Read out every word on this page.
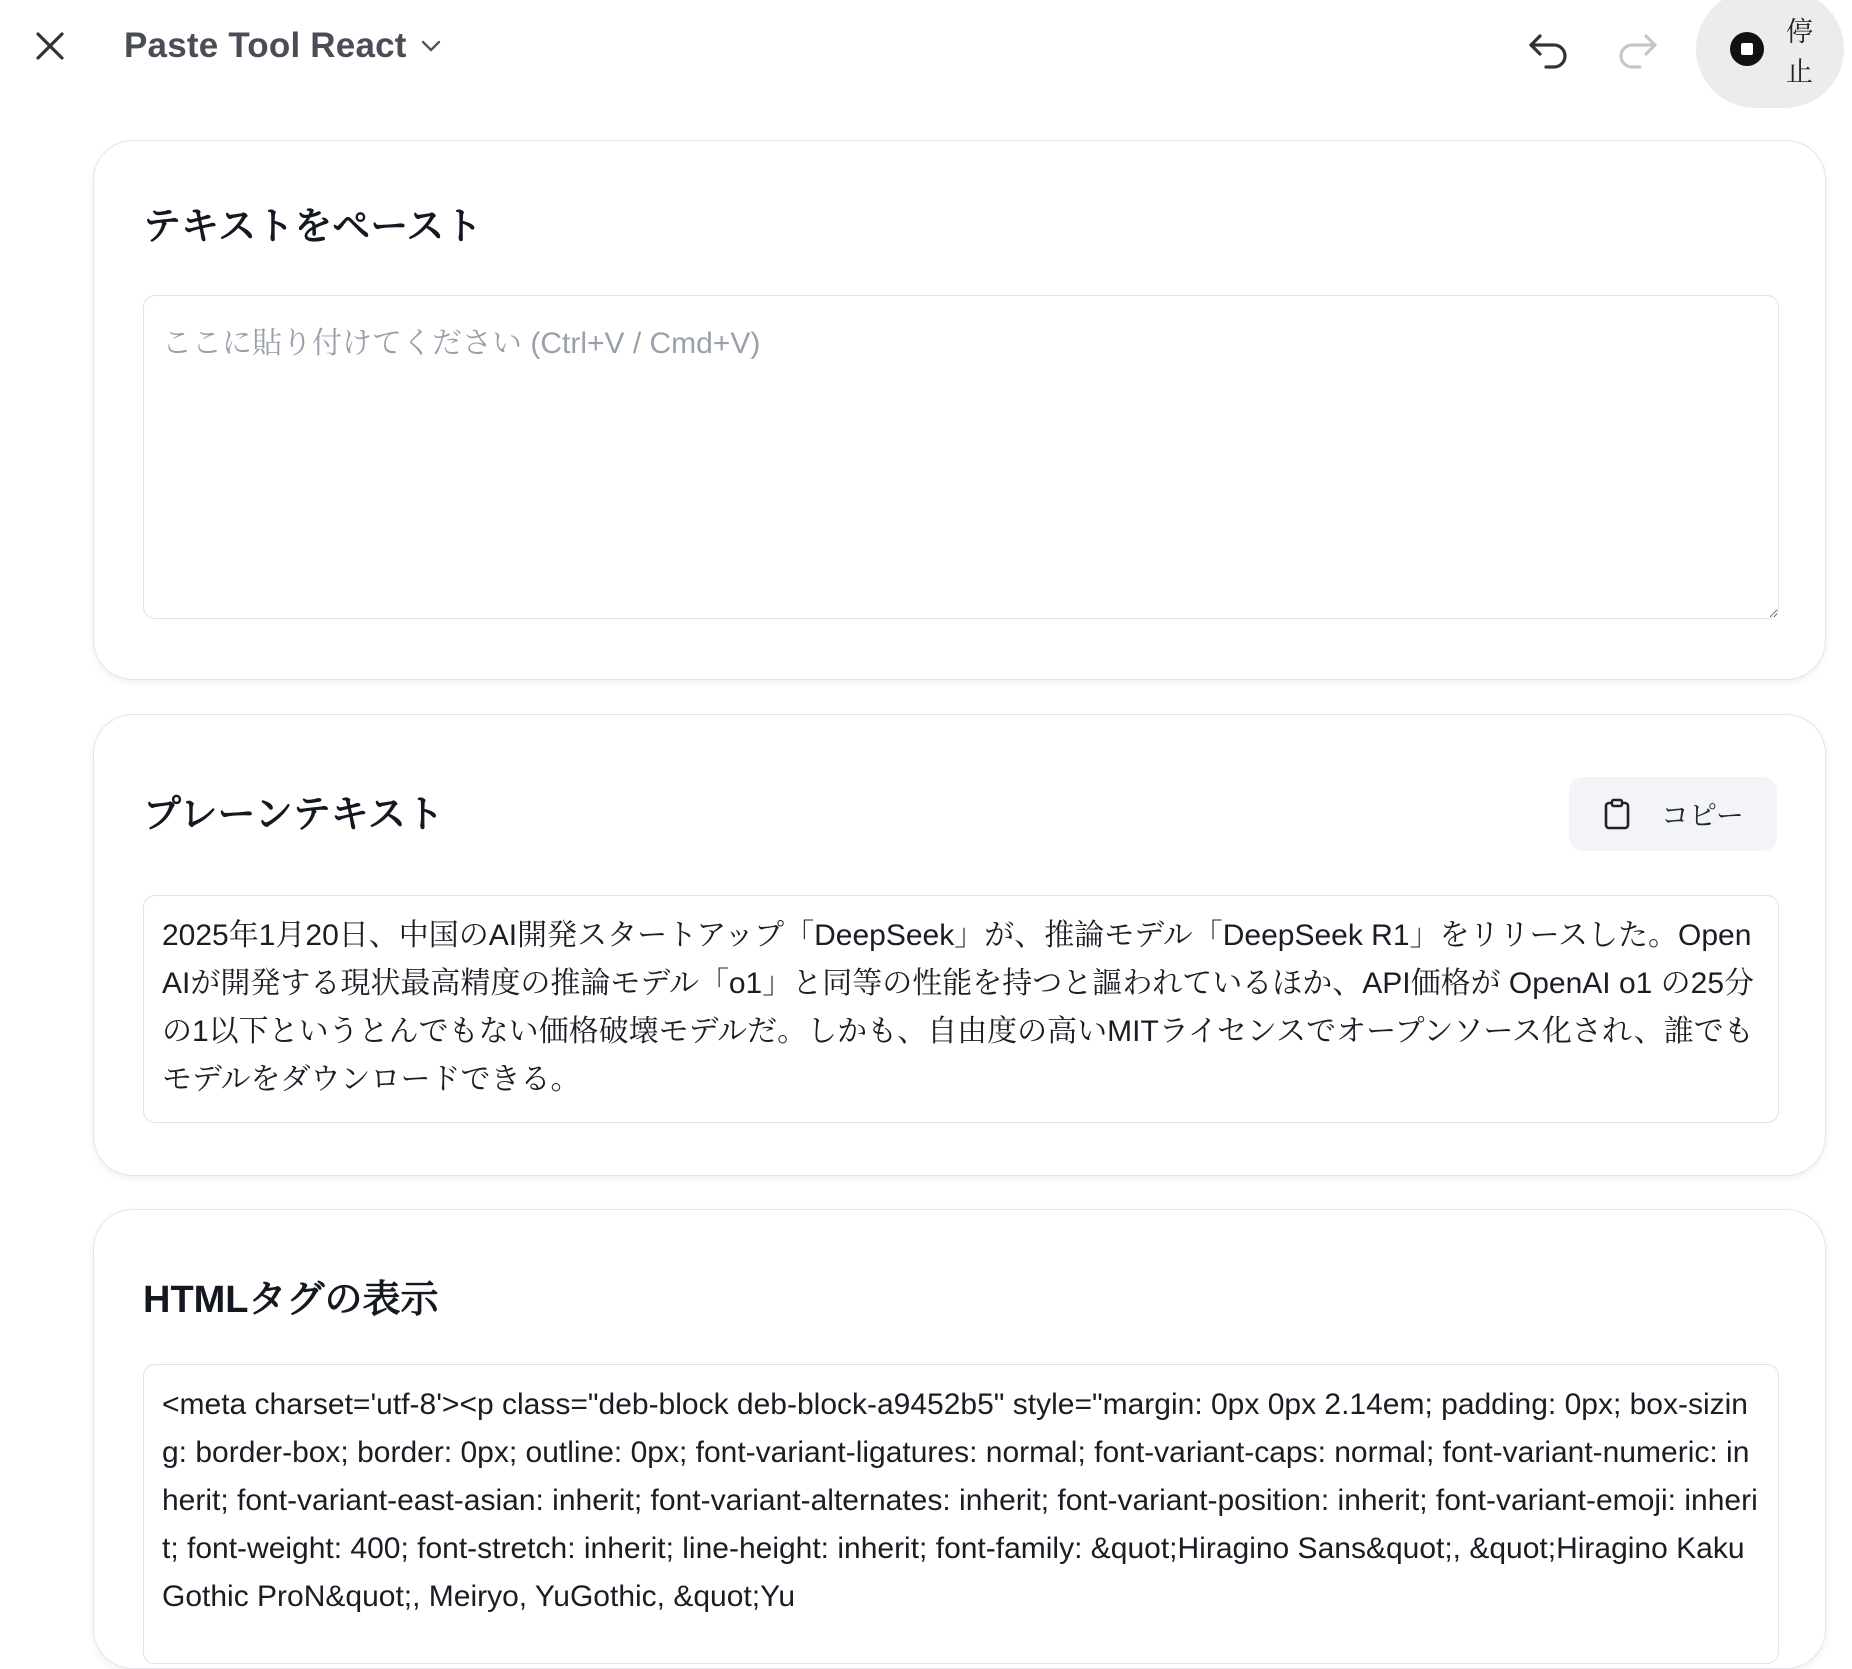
Paste Tool React	停止
テキストをペースト
ここに貼り付けてください (Ctrl+V / Cmd+V)
プレーンテキスト	コピー
2025年1月20日、中国のAI開発スタートアップ「DeepSeek」が、推論モデル「DeepSeek R1」をリリースした。OpenAIが開発する現状最高精度の推論モデル「o1」と同等の性能を持つと謳われているほか、API価格が OpenAI o1 の25分の1以下というとんでもない価格破壊モデルだ。しかも、自由度の高いMITライセンスでオープンソース化され、誰でもモデルをダウンロードできる。
HTMLタグの表示
<meta charset='utf-8'><p class="deb-block deb-block-a9452b5" style="margin: 0px 0px 2.14em; padding: 0px; box-sizing: border-box; border: 0px; outline: 0px; font-variant-ligatures: normal; font-variant-caps: normal; font-variant-numeric: inherit; font-variant-east-asian: inherit; font-variant-alternates: inherit; font-variant-position: inherit; font-variant-emoji: inherit; font-weight: 400; font-stretch: inherit; line-height: inherit; font-family: &quot;Hiragino Sans&quot;, &quot;Hiragino Kaku Gothic ProN&quot;, Meiryo, YuGothic, &quot;Yu
